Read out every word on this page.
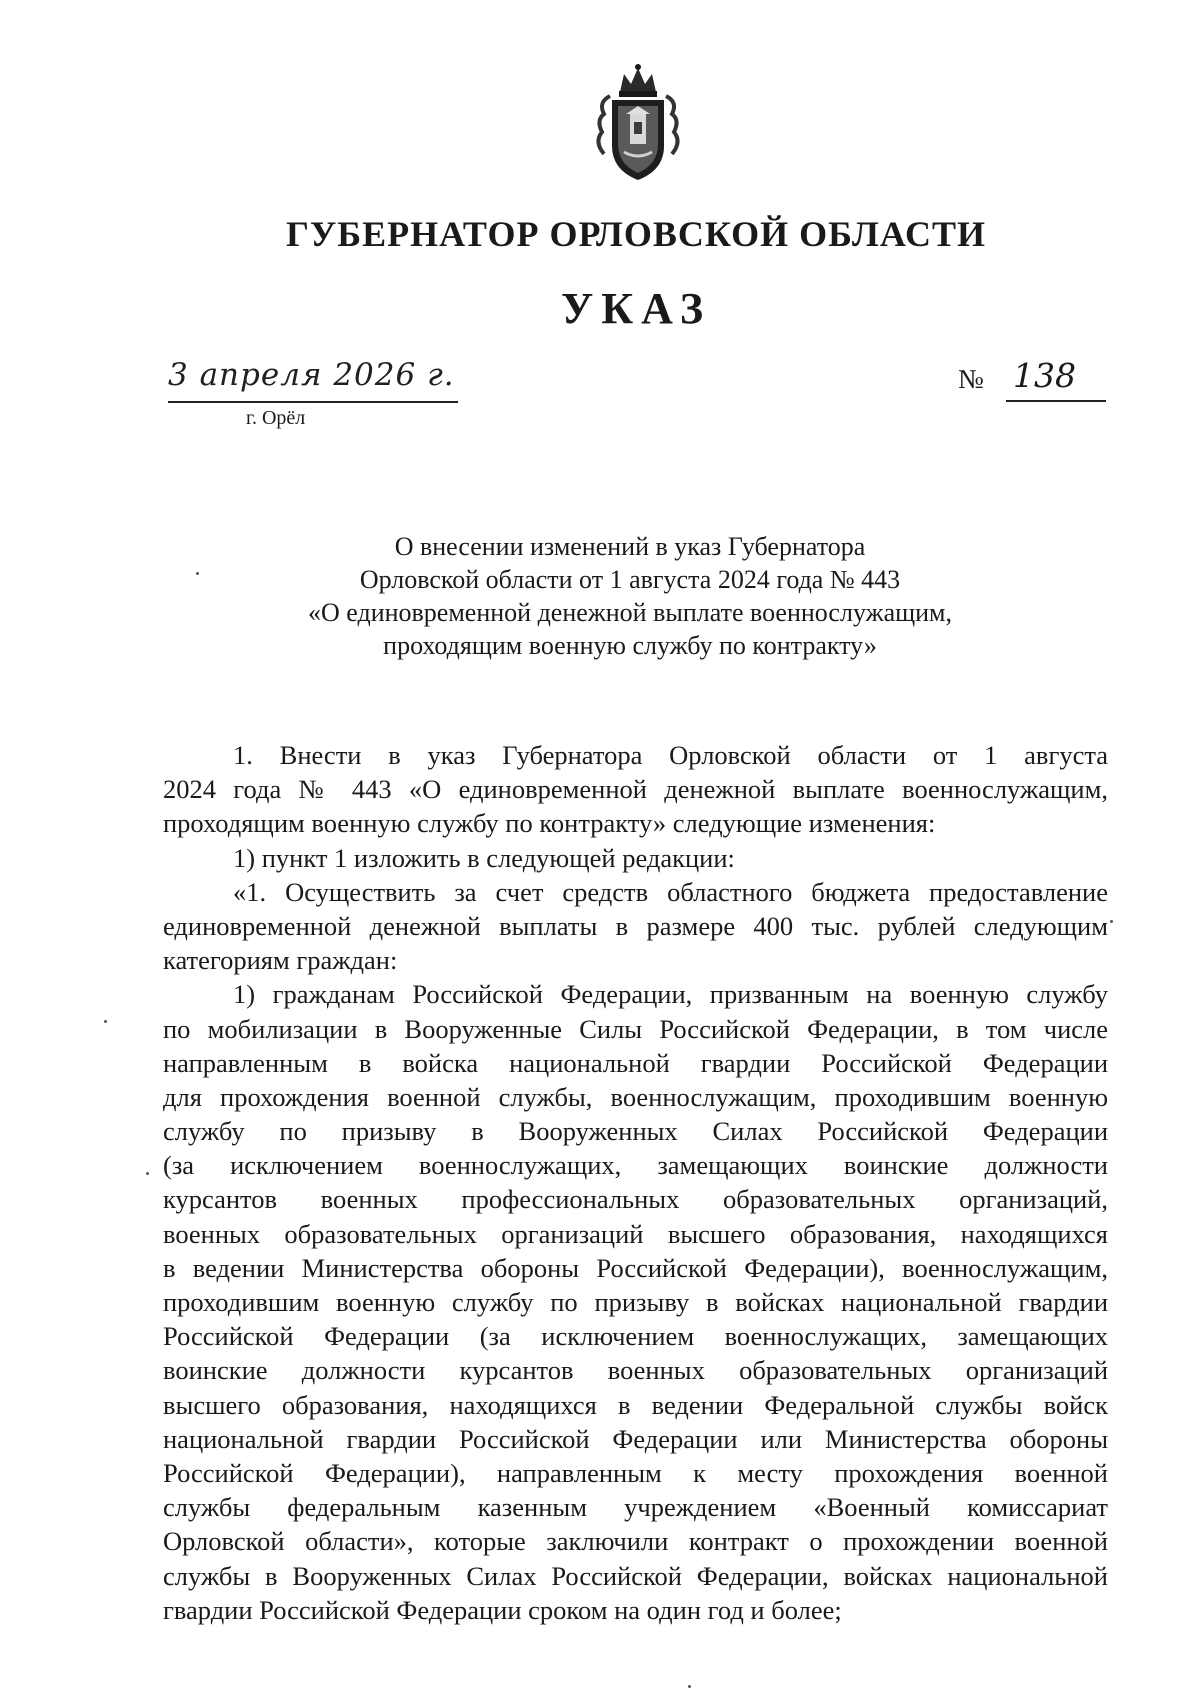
ГУБЕРНАТОР ОРЛОВСКОЙ ОБЛАСТИ
УКАЗ
3 апреля 2026 г.
г. Орёл
№ 138
О внесении изменений в указ Губернатора
Орловской области от 1 августа 2024 года № 443
«О единовременной денежной выплате военнослужащим,
проходящим военную службу по контракту»
1. Внести в указ Губернатора Орловской области от 1 августа
2024 года № 443 «О единовременной денежной выплате военнослужащим,
проходящим военную службу по контракту» следующие изменения:
1) пункт 1 изложить в следующей редакции:
«1. Осуществить за счет средств областного бюджета предоставление
единовременной денежной выплаты в размере 400 тыс. рублей следующим
категориям граждан:
1) гражданам Российской Федерации, призванным на военную службу
по мобилизации в Вооруженные Силы Российской Федерации, в том числе
направленным в войска национальной гвардии Российской Федерации
для прохождения военной службы, военнослужащим, проходившим военную
службу по призыву в Вооруженных Силах Российской Федерации
(за исключением военнослужащих, замещающих воинские должности
курсантов военных профессиональных образовательных организаций,
военных образовательных организаций высшего образования, находящихся
в ведении Министерства обороны Российской Федерации), военнослужащим,
проходившим военную службу по призыву в войсках национальной гвардии
Российской Федерации (за исключением военнослужащих, замещающих
воинские должности курсантов военных образовательных организаций
высшего образования, находящихся в ведении Федеральной службы войск
национальной гвардии Российской Федерации или Министерства обороны
Российской Федерации), направленным к месту прохождения военной
службы федеральным казенным учреждением «Военный комиссариат
Орловской области», которые заключили контракт о прохождении военной
службы в Вооруженных Силах Российской Федерации, войсках национальной
гвардии Российской Федерации сроком на один год и более;
